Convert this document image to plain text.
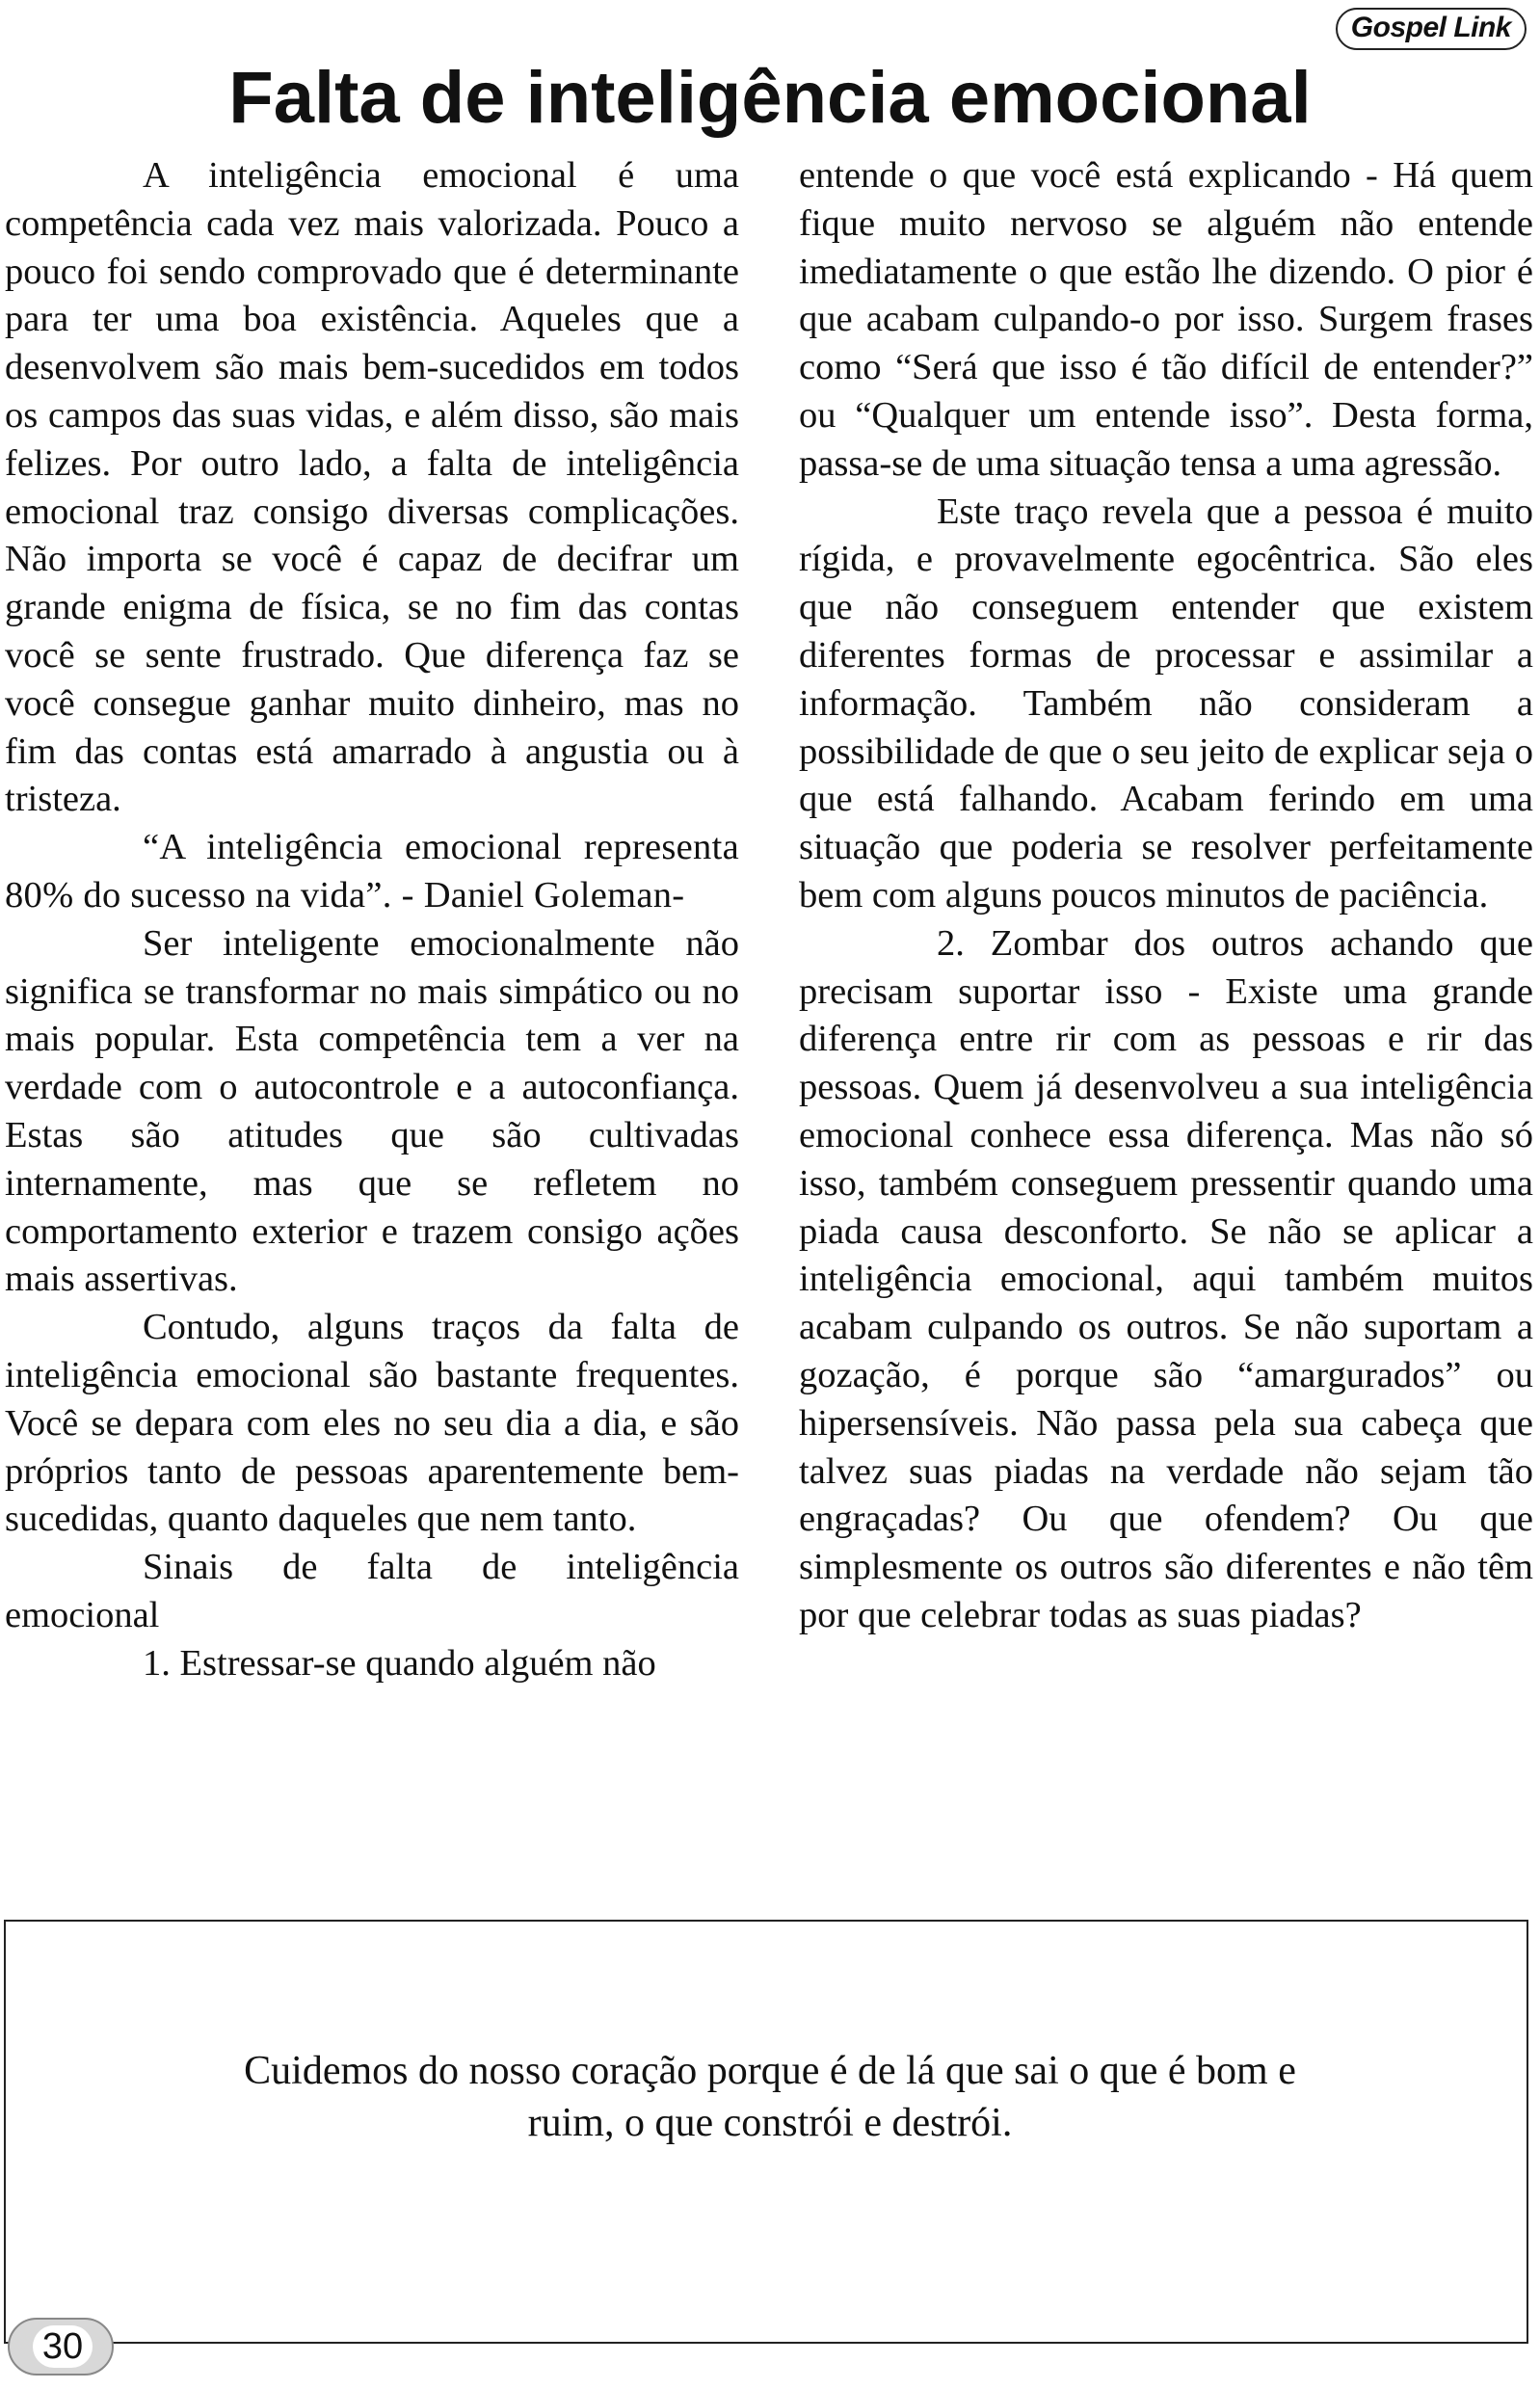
Gospel Link
Falta de inteligência emocional

A inteligência emocional é uma competência cada vez mais valorizada. Pouco a pouco foi sendo comprovado que é determinante para ter uma boa existência. Aqueles que a desenvolvem são mais bem-sucedidos em todos os campos das suas vidas, e além disso, são mais felizes. Por outro lado, a falta de inteligência emocional traz consigo diversas complicações. Não importa se você é capaz de decifrar um grande enigma de física, se no fim das contas você se sente frustrado. Que diferença faz se você consegue ganhar muito dinheiro, mas no fim das contas está amarrado à angustia ou à tristeza.

“A inteligência emocional representa 80% do sucesso na vida”. - Daniel Goleman-

Ser inteligente emocionalmente não significa se transformar no mais simpático ou no mais popular. Esta competência tem a ver na verdade com o autocontrole e a autoconfiança. Estas são atitudes que são cultivadas internamente, mas que se refletem no comportamento exterior e trazem consigo ações mais assertivas.

Contudo, alguns traços da falta de inteligência emocional são bastante frequentes. Você se depara com eles no seu dia a dia, e são próprios tanto de pessoas aparentemente bem-sucedidas, quanto daqueles que nem tanto.

Sinais de falta de inteligência emocional

1. Estressar-se quando alguém não

entende o que você está explicando - Há quem fique muito nervoso se alguém não entende imediatamente o que estão lhe dizendo. O pior é que acabam culpando-o por isso. Surgem frases como “Será que isso é tão difícil de entender?” ou “Qualquer um entende isso”. Desta forma, passa-se de uma situação tensa a uma agressão.

Este traço revela que a pessoa é muito rígida, e provavelmente egocêntrica. São eles que não conseguem entender que existem diferentes formas de processar e assimilar a informação. Também não consideram a possibilidade de que o seu jeito de explicar seja o que está falhando. Acabam ferindo em uma situação que poderia se resolver perfeitamente bem com alguns poucos minutos de paciência.

2. Zombar dos outros achando que precisam suportar isso - Existe uma grande diferença entre rir com as pessoas e rir das pessoas. Quem já desenvolveu a sua inteligência emocional conhece essa diferença. Mas não só isso, também conseguem pressentir quando uma piada causa desconforto. Se não se aplicar a inteligência emocional, aqui também muitos acabam culpando os outros. Se não suportam a gozação, é porque são “amargurados” ou hipersensíveis. Não passa pela sua cabeça que talvez suas piadas na verdade não sejam tão engraçadas? Ou que ofendem? Ou que simplesmente os outros são diferentes e não têm por que celebrar todas as suas piadas?

Cuidemos do nosso coração porque é de lá que sai o que é bom e
ruim, o que constrói e destrói.

30
